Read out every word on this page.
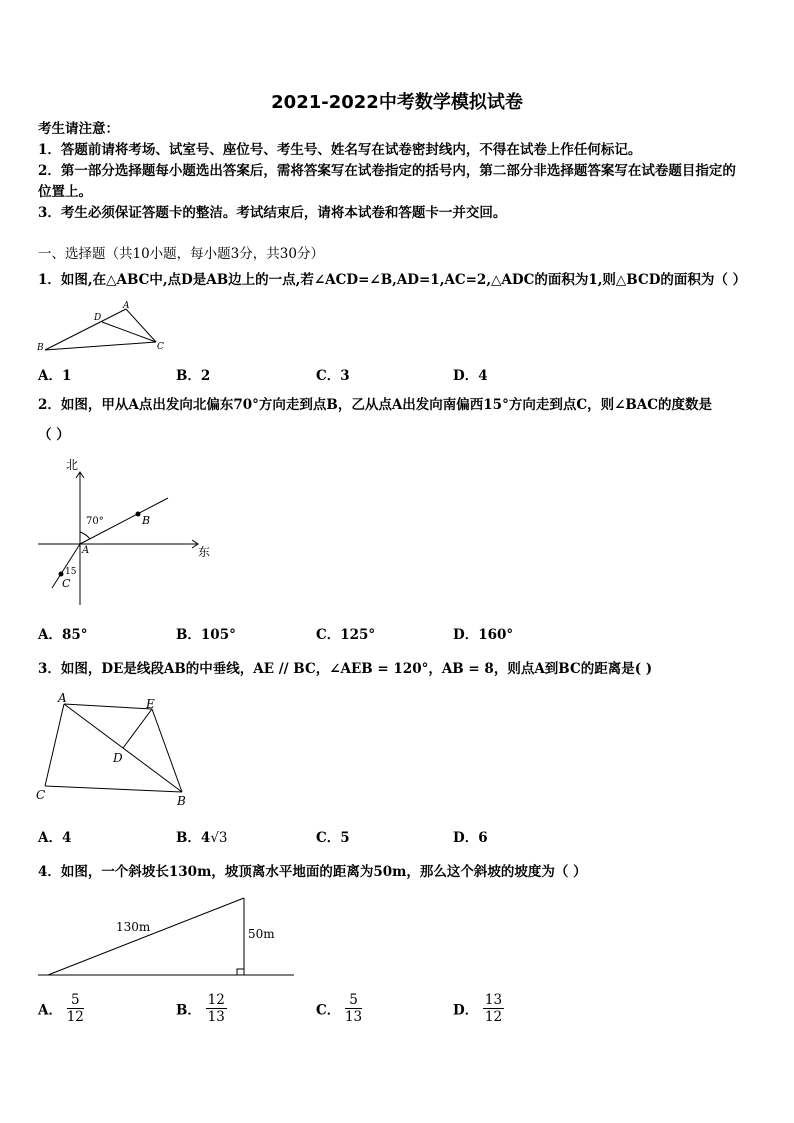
2021-2022中考数学模拟试卷
考生请注意：
1．答题前请将考场、试室号、座位号、考生号、姓名写在试卷密封线内，不得在试卷上作任何标记。
2．第一部分选择题每小题选出答案后，需将答案写在试卷指定的括号内，第二部分非选择题答案写在试卷题目指定的
位置上。
3．考生必须保证答题卡的整洁。考试结束后，请将本试卷和答题卡一并交回。
一、选择题（共10小题，每小题3分，共30分）
1．如图,在△ABC中,点D是AB边上的一点,若∠ACD=∠B,AD=1,AC=2,△ADC的面积为1,则△BCD的面积为（ ）
A
D
B	C
A．1	B．2	C．3	D．4
2．如图，甲从A点出发向北偏东70°方向走到点B，乙从点A出发向南偏西15°方向走到点C，则∠BAC的度数是
（ ）
北
东
70°
15
B
A
C
A．85°	B．105°	C．125°	D．160°
3．如图，DE是线段AB的中垂线，AE // BC，∠AEB = 120°，AB = 8，则点A到BC的距离是( )
A	E
D
C	B
A．4	B．4√3	C．5	D．6
4．如图，一个斜坡长130m，坡顶离水平地面的距离为50m，那么这个斜坡的坡度为（ ）
130m	50m
A． $\frac{5}{12}$	B． $\frac{12}{13}$	C． $\frac{5}{13}$	D． $\frac{13}{12}$
